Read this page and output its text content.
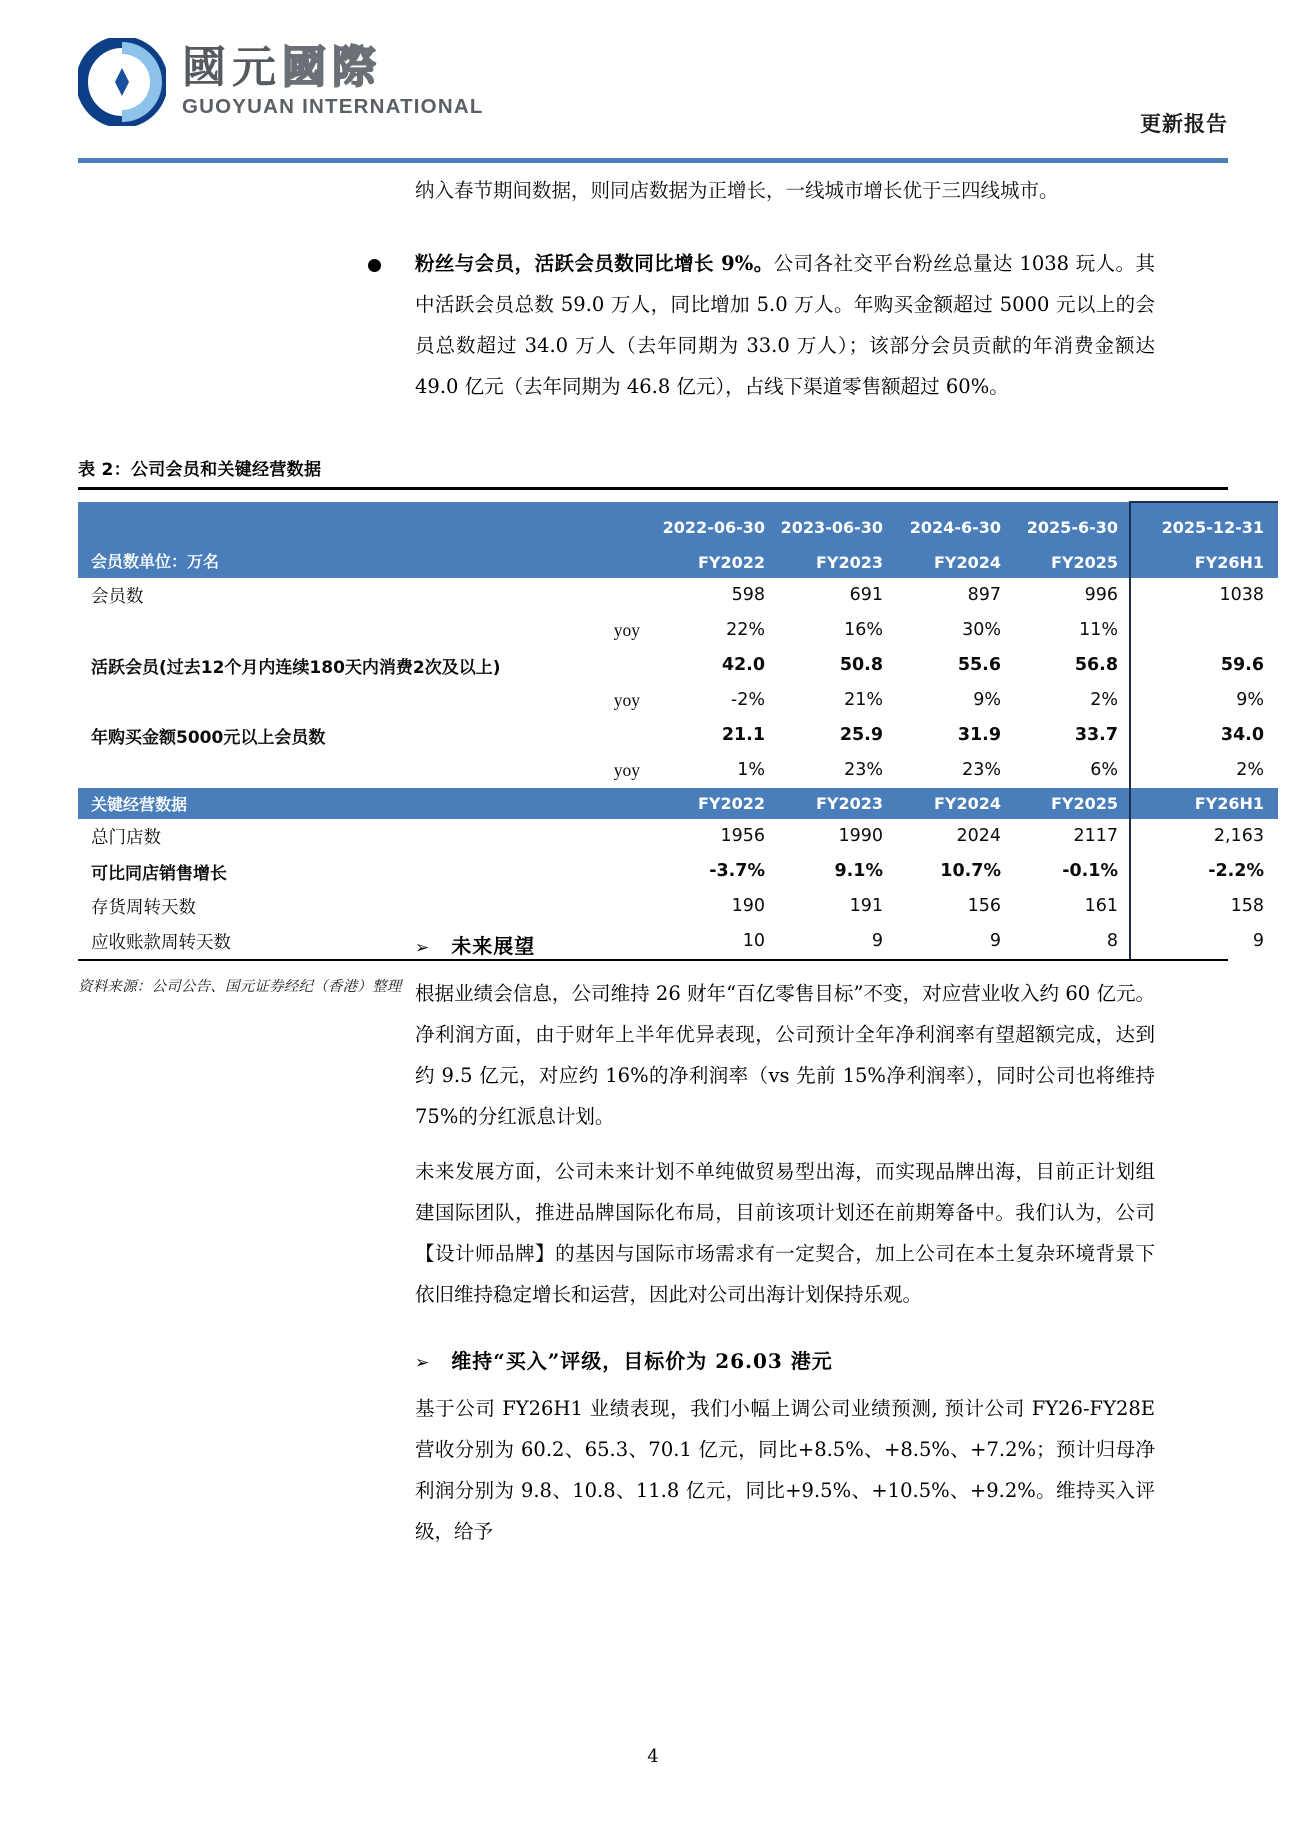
國元國際
GUOYUAN INTERNATIONAL
更新报告
纳入春节期间数据，则同店数据为正增长，一线城市增长优于三四线城市。
粉丝与会员，活跃会员数同比增长 9%。公司各社交平台粉丝总量达 1038 玩人。其中活跃会员总数 59.0 万人，同比增加 5.0 万人。年购买金额超过 5000 元以上的会员总数超过 34.0 万人（去年同期为 33.0 万人）；该部分会员贡献的年消费金额达 49.0 亿元（去年同期为 46.8 亿元），占线下渠道零售额超过 60%。
表 2：公司会员和关键经营数据
		2022-06-30	2023-06-30	2024-6-30	2025-6-30	2025-12-31
会员数单位：万名		FY2022	FY2023	FY2024	FY2025	FY26H1
会员数		598	691	897	996	1038
	yoy	22%	16%	30%	11%	
活跃会员(过去12个月内连续180天内消费2次及以上)		42.0	50.8	55.6	56.8	59.6
	yoy	-2%	21%	9%	2%	9%
年购买金额5000元以上会员数		21.1	25.9	31.9	33.7	34.0
	yoy	1%	23%	23%	6%	2%
关键经营数据		FY2022	FY2023	FY2024	FY2025	FY26H1
总门店数		1956	1990	2024	2117	2,163
可比同店销售增长		-3.7%	9.1%	10.7%	-0.1%	-2.2%
存货周转天数		190	191	156	161	158
应收账款周转天数		10	9	9	8	9
资料来源：公司公告、国元证券经纪（香港）整理
➢ 未来展望
根据业绩会信息，公司维持 26 财年“百亿零售目标”不变，对应营业收入约 60 亿元。净利润方面，由于财年上半年优异表现，公司预计全年净利润率有望超额完成，达到约 9.5 亿元，对应约 16%的净利润率（vs 先前 15%净利润率），同时公司也将维持 75%的分红派息计划。
未来发展方面，公司未来计划不单纯做贸易型出海，而实现品牌出海，目前正计划组建国际团队，推进品牌国际化布局，目前该项计划还在前期筹备中。我们认为，公司【设计师品牌】的基因与国际市场需求有一定契合，加上公司在本土复杂环境背景下依旧维持稳定增长和运营，因此对公司出海计划保持乐观。
➢ 维持“买入”评级，目标价为 26.03 港元
基于公司 FY26H1 业绩表现，我们小幅上调公司业绩预测, 预计公司 FY26-FY28E 营收分别为 60.2、65.3、70.1 亿元，同比+8.5%、+8.5%、+7.2%；预计归母净利润分别为 9.8、10.8、11.8 亿元，同比+9.5%、+10.5%、+9.2%。维持买入评级，给予
4
